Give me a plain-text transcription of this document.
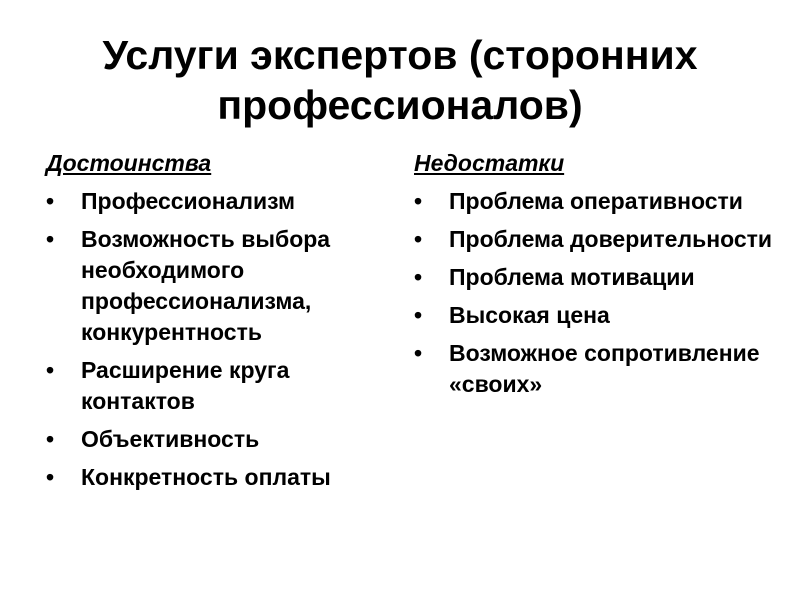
Услуги экспертов (сторонних
профессионалов)
Достоинства
• Профессионализм
• Возможность выбора необходимого профессионализма, конкурентность
• Расширение круга контактов
• Объективность
• Конкретность оплаты
Недостатки
• Проблема оперативности
• Проблема доверительности
• Проблема мотивации
• Высокая цена
• Возможное сопротивление «своих»
